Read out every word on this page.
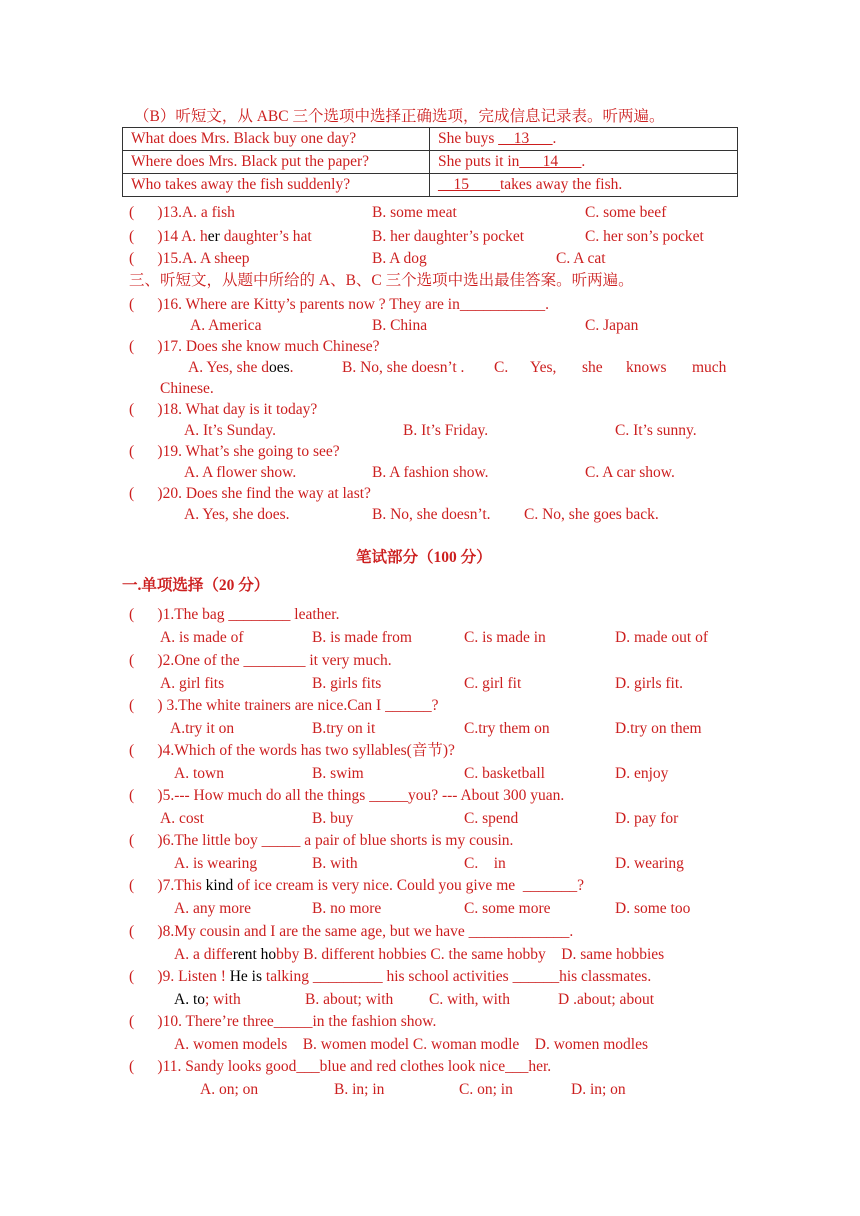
（B）听短文，从 ABC 三个选项中选择正确选项，完成信息记录表。听两遍。
What does Mrs. Black buy one day?	She buys __13___.
Where does Mrs. Black put the paper?	She puts it in___14___.
Who takes away the fish suddenly?	__15____takes away the fish.
(      )13.A. a fish	B. some meat	C. some beef
(      )14 A. her daughter’s hat	B. her daughter’s pocket	C. her son’s pocket
(      )15.A. A sheep	B. A dog	C. A cat
三、听短文，从题中所给的 A、B、C 三个选项中选出最佳答案。听两遍。
(      )16. Where are Kitty’s parents now ? They are in___________.
A. America	B. China	C. Japan
(      )17. Does she know much Chinese?
A. Yes, she does.	B. No, she doesn’t . C. Yes, she knows much
Chinese.
(      )18. What day is it today?
A. It’s Sunday.	B. It’s Friday.	C. It’s sunny.
(      )19. What’s she going to see?
A. A flower show.	B. A fashion show.	C. A car show.
(      )20. Does she find the way at last?
A. Yes, she does.	B. No, she doesn’t. C. No, she goes back.
笔试部分（100 分）
一.单项选择（20 分）
(      )1.The bag ________ leather.
A. is made of	B. is made from	C. is made in	D. made out of
(      )2.One of the ________ it very much.
A. girl fits	B. girls fits	C. girl fit	D. girls fit.
(      ) 3.The white trainers are nice.Can I ______?
A.try it on	B.try on it	C.try them on	D.try on them
(      )4.Which of the words has two syllables(音节)?
A. town	B. swim	C. basketball	D. enjoy
(      )5.--- How much do all the things _____you? --- About 300 yuan.
A. cost	B. buy	C. spend	D. pay for
(      )6.The little boy _____ a pair of blue shorts is my cousin.
A. is wearing	B. with	C.    in	D. wearing
(      )7.This kind of ice cream is very nice. Could you give me  _______?
A. any more	B. no more	C. some more	D. some too
(      )8.My cousin and I are the same age, but we have _____________.
A. a different hobby B. different hobbies C. the same hobby    D. same hobbies
(      )9. Listen ! He is talking _________ his school activities ______his classmates.
A. to; with	B. about; with C. with, with	D .about; about
(      )10. There’re three_____in the fashion show.
A. women models    B. women model C. woman modle    D. women modles
(      )11. Sandy looks good___blue and red clothes look nice___her.
A. on; on	B. in; in	C. on; in	D. in; on
